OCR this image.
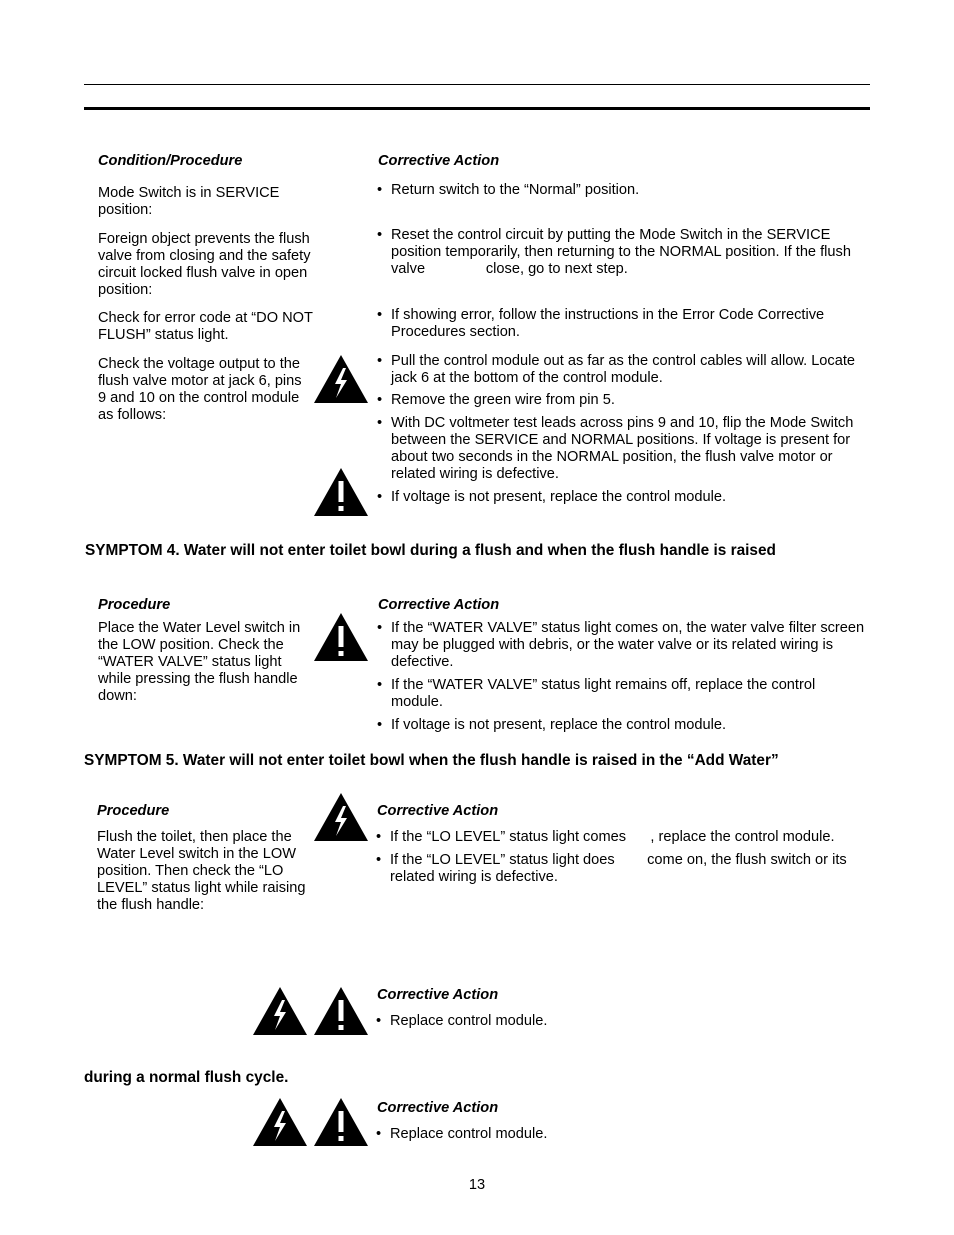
Condition/Procedure	Corrective Action
Mode Switch is in SERVICE position:
• Return switch to the “Normal” position.
Foreign object prevents the flush valve from closing and the safety circuit locked flush valve in open position:
• Reset the control circuit by putting the Mode Switch in the SERVICE position temporarily, then returning to the NORMAL position. If the flush valve               close, go to next step.
Check for error code at “DO NOT FLUSH” status light.
• If showing error, follow the instructions in the Error Code Corrective Procedures section.
Check the voltage output to the flush valve motor at jack 6, pins 9 and 10 on the control module as follows:
• Pull the control module out as far as the control cables will allow. Locate jack 6 at the bottom of the control module.
• Remove the green wire from pin 5.
• With DC voltmeter test leads across pins 9 and 10, flip the Mode Switch between the SERVICE and NORMAL positions. If voltage is present for about two seconds in the NORMAL position, the flush valve motor or related wiring is defective.
• If voltage is not present, replace the control module.
SYMPTOM 4. Water will not enter toilet bowl during a flush and when the flush handle is raised
Procedure	Corrective Action
Place the Water Level switch in the LOW position. Check the “WATER VALVE” status light while pressing the flush handle down:
• If the “WATER VALVE” status light comes on, the water valve filter screen may be plugged with debris, or the water valve or its related wiring is defective.
• If the “WATER VALVE” status light remains off, replace the control module.
• If voltage is not present, replace the control module.
SYMPTOM 5. Water will not enter toilet bowl when the flush handle is raised in the “Add Water”
Procedure	Corrective Action
Flush the toilet, then place the Water Level switch in the LOW position. Then check the “LO LEVEL” status light while raising the flush handle:
• If the “LO LEVEL” status light comes      , replace the control module.
• If the “LO LEVEL” status light does        come on, the flush switch or its related wiring is defective.
Corrective Action
• Replace control module.
during a normal flush cycle.
Corrective Action
• Replace control module.
13
